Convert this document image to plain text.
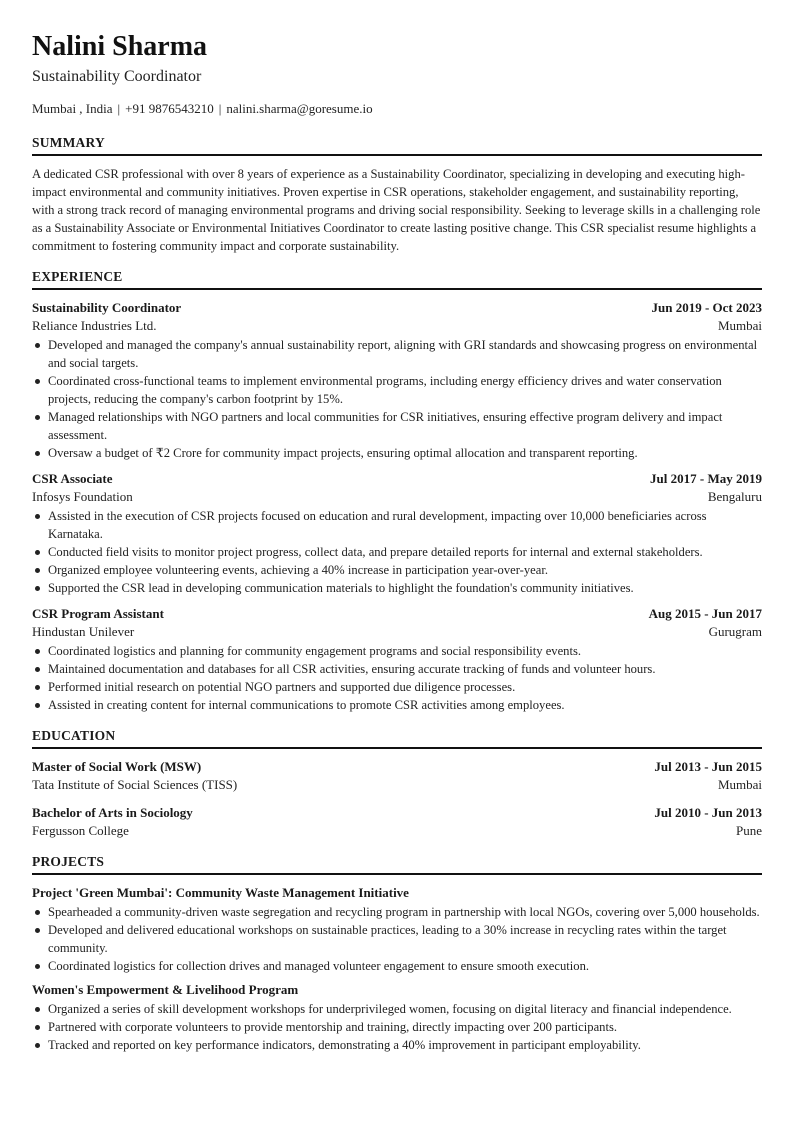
Nalini Sharma
Sustainability Coordinator
Mumbai , India | +91 9876543210 | nalini.sharma@goresume.io
SUMMARY
A dedicated CSR professional with over 8 years of experience as a Sustainability Coordinator, specializing in developing and executing high-impact environmental and community initiatives. Proven expertise in CSR operations, stakeholder engagement, and sustainability reporting, with a strong track record of managing environmental programs and driving social responsibility. Seeking to leverage skills in a challenging role as a Sustainability Associate or Environmental Initiatives Coordinator to create lasting positive change. This CSR specialist resume highlights a commitment to fostering community impact and corporate sustainability.
EXPERIENCE
Sustainability Coordinator	Jun 2019 - Oct 2023
Reliance Industries Ltd.	Mumbai
Developed and managed the company's annual sustainability report, aligning with GRI standards and showcasing progress on environmental and social targets.
Coordinated cross-functional teams to implement environmental programs, including energy efficiency drives and water conservation projects, reducing the company's carbon footprint by 15%.
Managed relationships with NGO partners and local communities for CSR initiatives, ensuring effective program delivery and impact assessment.
Oversaw a budget of ₹2 Crore for community impact projects, ensuring optimal allocation and transparent reporting.
CSR Associate	Jul 2017 - May 2019
Infosys Foundation	Bengaluru
Assisted in the execution of CSR projects focused on education and rural development, impacting over 10,000 beneficiaries across Karnataka.
Conducted field visits to monitor project progress, collect data, and prepare detailed reports for internal and external stakeholders.
Organized employee volunteering events, achieving a 40% increase in participation year-over-year.
Supported the CSR lead in developing communication materials to highlight the foundation's community initiatives.
CSR Program Assistant	Aug 2015 - Jun 2017
Hindustan Unilever	Gurugram
Coordinated logistics and planning for community engagement programs and social responsibility events.
Maintained documentation and databases for all CSR activities, ensuring accurate tracking of funds and volunteer hours.
Performed initial research on potential NGO partners and supported due diligence processes.
Assisted in creating content for internal communications to promote CSR activities among employees.
EDUCATION
Master of Social Work (MSW)	Jul 2013 - Jun 2015
Tata Institute of Social Sciences (TISS)	Mumbai
Bachelor of Arts in Sociology	Jul 2010 - Jun 2013
Fergusson College	Pune
PROJECTS
Project 'Green Mumbai': Community Waste Management Initiative
Spearheaded a community-driven waste segregation and recycling program in partnership with local NGOs, covering over 5,000 households.
Developed and delivered educational workshops on sustainable practices, leading to a 30% increase in recycling rates within the target community.
Coordinated logistics for collection drives and managed volunteer engagement to ensure smooth execution.
Women's Empowerment & Livelihood Program
Organized a series of skill development workshops for underprivileged women, focusing on digital literacy and financial independence.
Partnered with corporate volunteers to provide mentorship and training, directly impacting over 200 participants.
Tracked and reported on key performance indicators, demonstrating a 40% improvement in participant employability.
